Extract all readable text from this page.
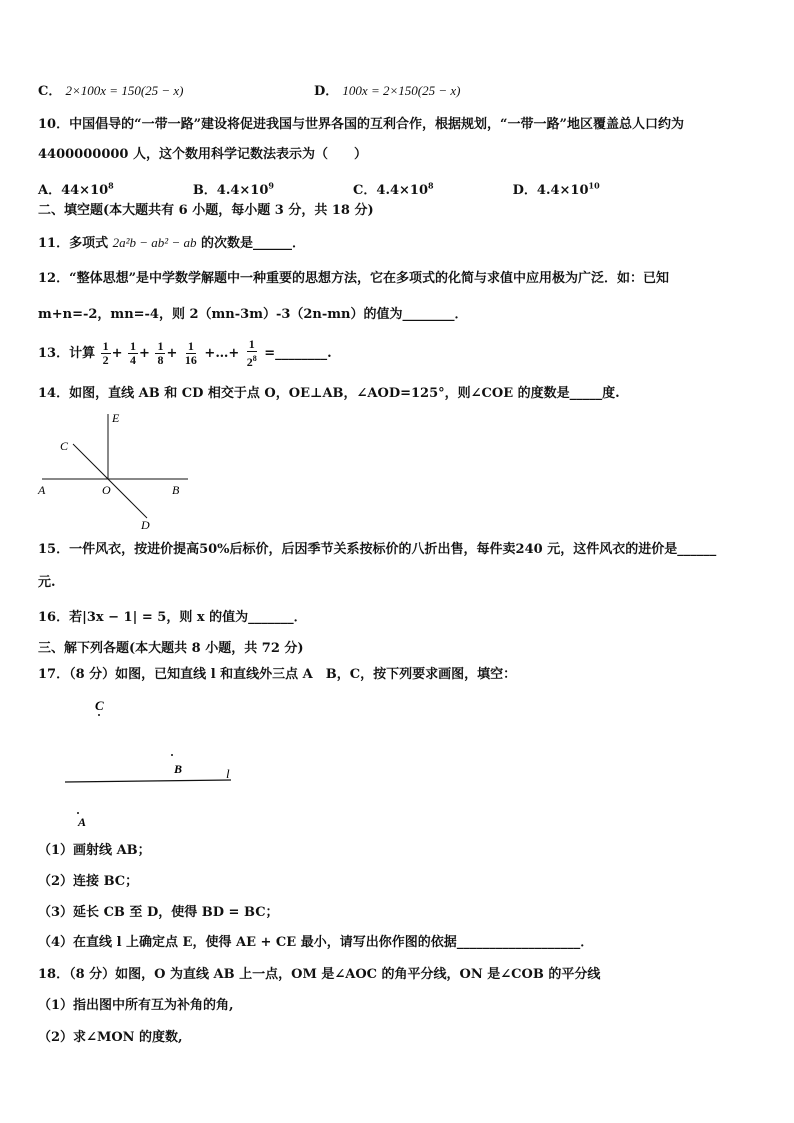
C． 2×100x = 150(25 − x)	D． 100x = 2×150(25 − x)
10．中国倡导的“一带一路”建设将促进我国与世界各国的互利合作，根据规划，“一带一路”地区覆盖总人口约为
4400000000 人，这个数用科学记数法表示为（　　）
A．$44\times 10^8$	B．$4.4\times 10^9$	C．$4.4\times 10^8$	D．$4.4\times 10^{10}$
二、填空题(本大题共有 6 小题，每小题 3 分，共 18 分)
11．多项式 2a²b − ab² − ab 的次数是______．
12．“整体思想”是中学数学解题中一种重要的思想方法，它在多项式的化简与求值中应用极为广泛．如：已知
m+n=-2，mn=-4，则 2（mn-3m）-3（2n-mn）的值为________．
13．计算 $\frac{1}{2} + \frac{1}{4} + \frac{1}{8} + \frac{1}{16}$ +…+ $\frac{1}{2^8}$ =________.
14．如图，直线 AB 和 CD 相交于点 O，OE⊥AB，∠AOD=125°，则∠COE 的度数是_____度.
E
C
A	O	B
D
15．一件风衣，按进价提高50%后标价，后因季节关系按标价的八折出售，每件卖240 元，这件风衣的进价是______
元.
16．若|3x − 1| = 5，则 x 的值为_______．
三、解下列各题(本大题共 8 小题，共 72 分)
17．（8 分）如图，已知直线 l 和直线外三点 A　B，C，按下列要求画图，填空：
C
B	l
A
（1）画射线 AB；
（2）连接 BC；
（3）延长 CB 至 D，使得 BD = BC；
（4）在直线 l 上确定点 E，使得 AE + CE 最小，请写出你作图的依据___________________．
18．（8 分）如图，O 为直线 AB 上一点，OM 是∠AOC 的角平分线，ON 是∠COB 的平分线
（1）指出图中所有互为补角的角,
（2）求∠MON 的度数,
